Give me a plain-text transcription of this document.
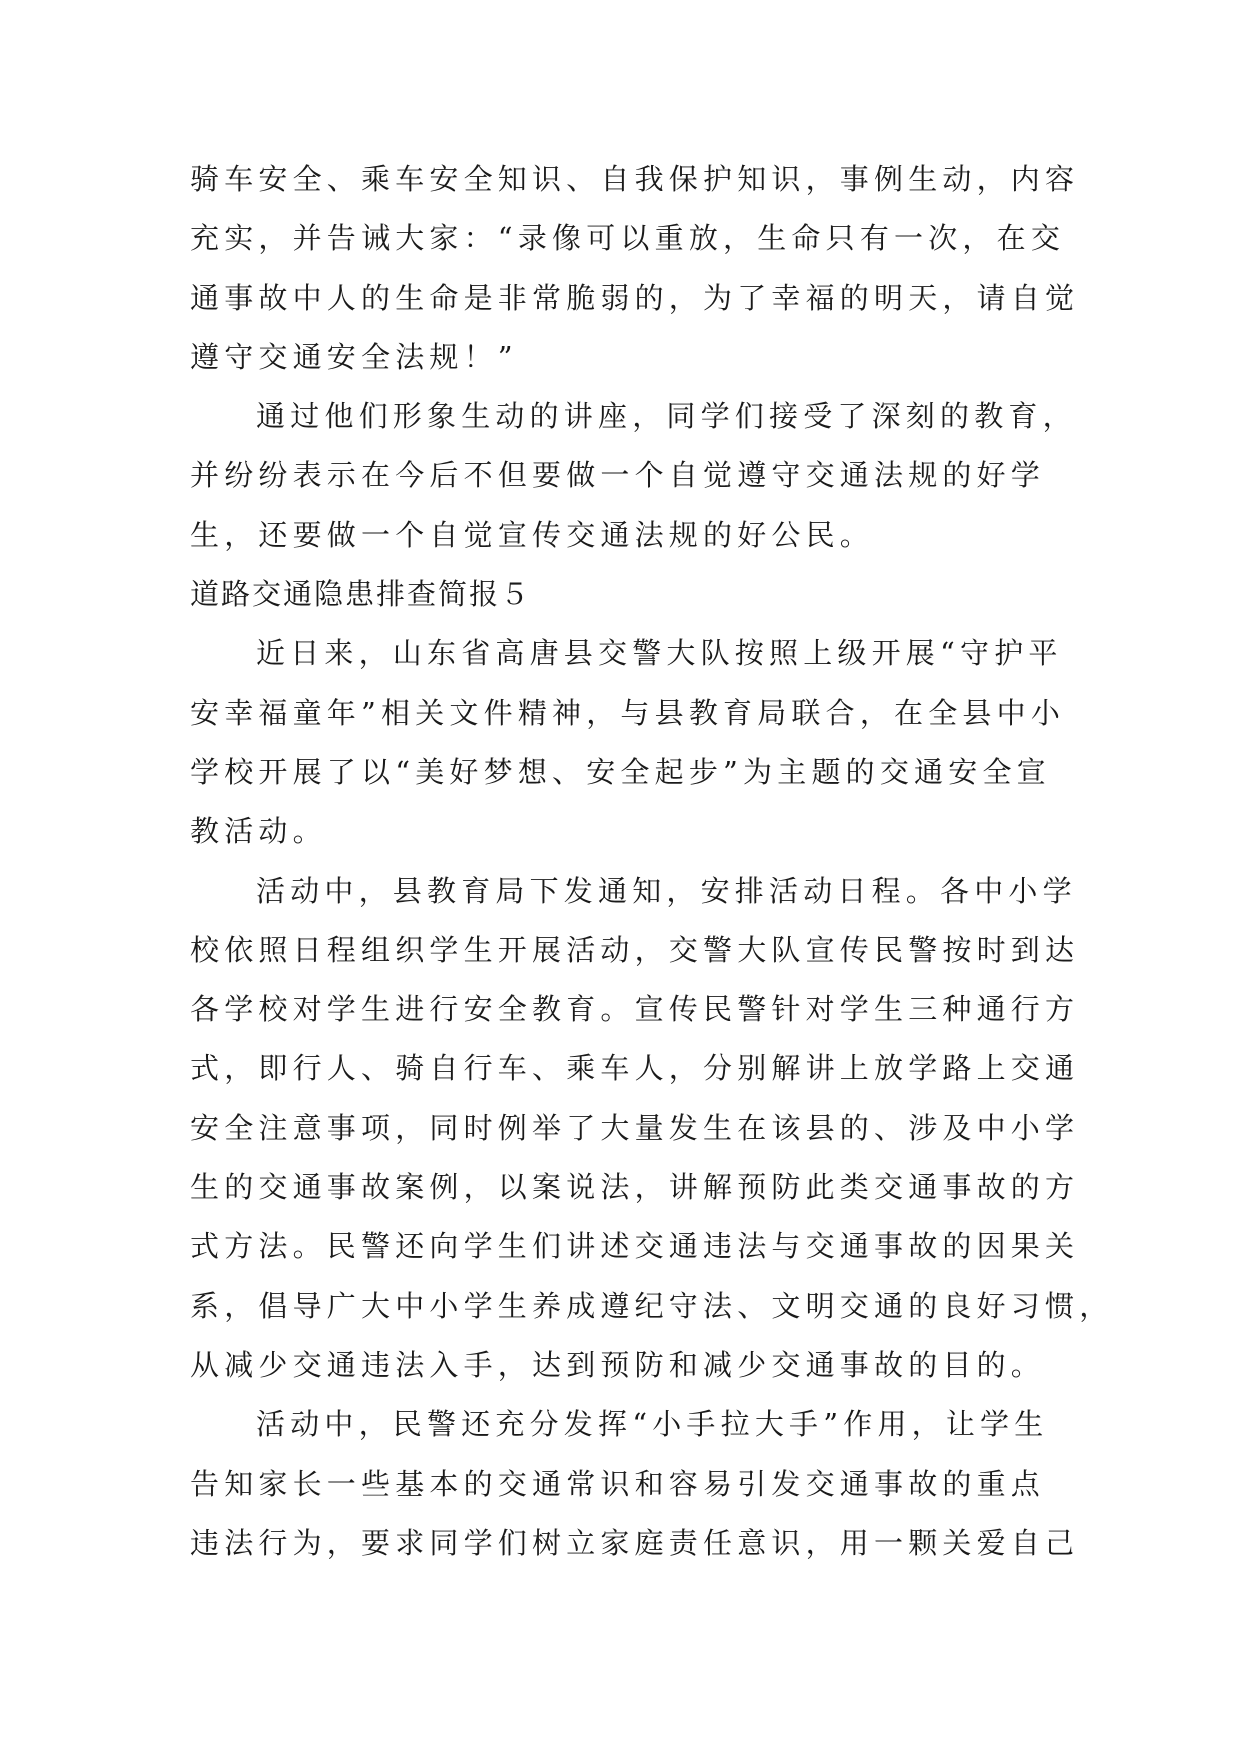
骑车安全、乘车安全知识、自我保护知识，事例生动，内容
充实，并告诫大家：“录像可以重放，生命只有一次，在交
通事故中人的生命是非常脆弱的，为了幸福的明天，请自觉
遵守交通安全法规！”
通过他们形象生动的讲座，同学们接受了深刻的教育，
并纷纷表示在今后不但要做一个自觉遵守交通法规的好学
生，还要做一个自觉宣传交通法规的好公民。
道路交通隐患排查简报５
近日来，山东省高唐县交警大队按照上级开展“守护平
安幸福童年”相关文件精神，与县教育局联合，在全县中小
学校开展了以“美好梦想、安全起步”为主题的交通安全宣
教活动。
活动中，县教育局下发通知，安排活动日程。各中小学
校依照日程组织学生开展活动，交警大队宣传民警按时到达
各学校对学生进行安全教育。宣传民警针对学生三种通行方
式，即行人、骑自行车、乘车人，分别解讲上放学路上交通
安全注意事项，同时例举了大量发生在该县的、涉及中小学
生的交通事故案例，以案说法，讲解预防此类交通事故的方
式方法。民警还向学生们讲述交通违法与交通事故的因果关
系，倡导广大中小学生养成遵纪守法、文明交通的良好习惯，
从减少交通违法入手，达到预防和减少交通事故的目的。
活动中，民警还充分发挥“小手拉大手”作用，让学生
告知家长一些基本的交通常识和容易引发交通事故的重点
违法行为，要求同学们树立家庭责任意识，用一颗关爱自己
